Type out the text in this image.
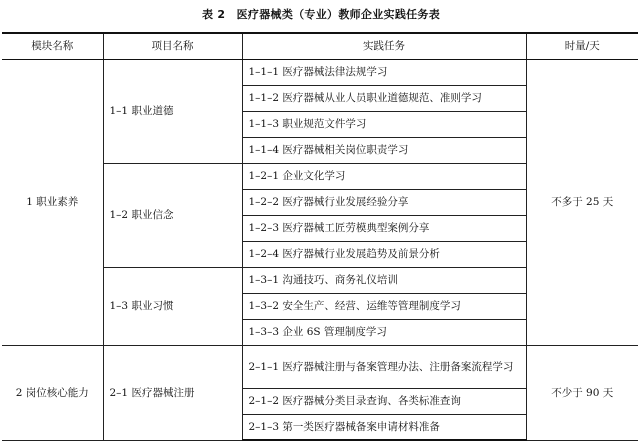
表 2　医疗器械类（专业）教师企业实践任务表
模块名称	项目名称	实践任务	时量/天
1 职业素养	1–1 职业道德	1–1–1 医疗器械法律法规学习	不多于 25 天
		1–1–2 医疗器械从业人员职业道德规范、准则学习	
		1–1–3 职业规范文件学习	
		1–1–4 医疗器械相关岗位职责学习	
	1–2 职业信念	1–2–1 企业文化学习	
		1–2–2 医疗器械行业发展经验分享	
		1–2–3 医疗器械工匠劳模典型案例分享	
		1–2–4 医疗器械行业发展趋势及前景分析	
	1–3 职业习惯	1–3–1 沟通技巧、商务礼仪培训	
		1–3–2 安全生产、经营、运维等管理制度学习	
		1–3–3 企业 6S 管理制度学习	
2 岗位核心能力	2–1 医疗器械注册	2–1–1 医疗器械注册与备案管理办法、注册备案流程学习	不少于 90 天
		2–1–2 医疗器械分类目录查询、各类标准查询	
		2–1–3 第一类医疗器械备案申请材料准备	
